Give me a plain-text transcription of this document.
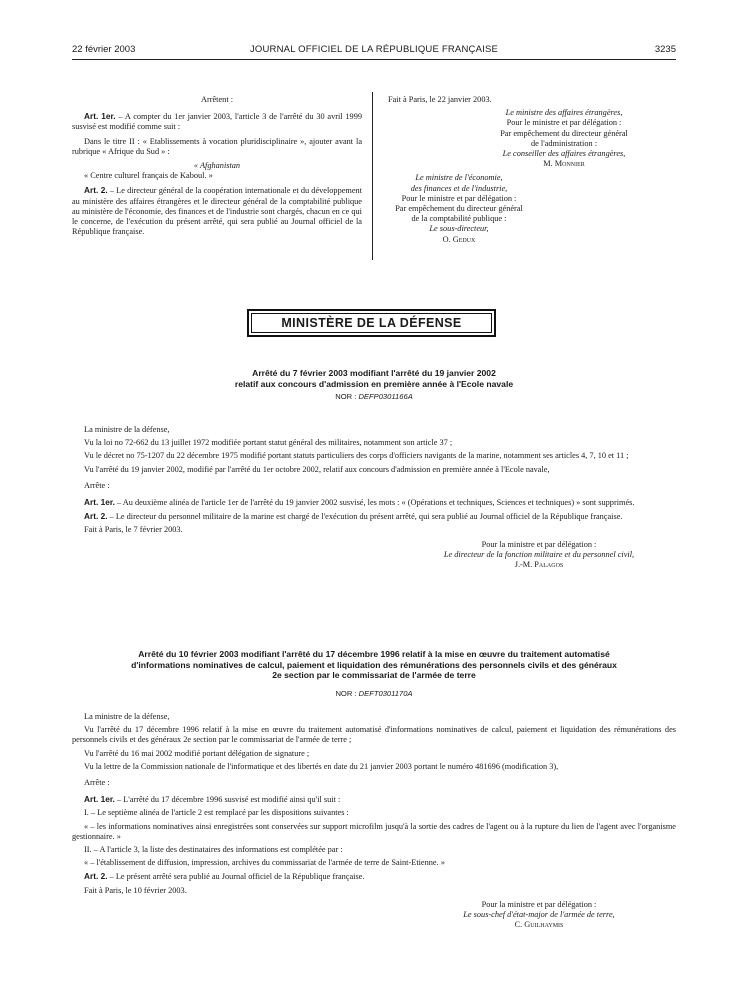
22 février 2003	JOURNAL OFFICIEL DE LA RÉPUBLIQUE FRANÇAISE	3235

Arrêtent :

Art. 1er. – A compter du 1er janvier 2003, l'article 3 de l'arrêté du 30 avril 1999 susvisé est modifié comme suit :

Dans le titre II : « Etablissements à vocation pluridisciplinaire », ajouter avant la rubrique « Afrique du Sud » :

« Afghanistan

« Centre culturel français de Kaboul. »

Art. 2. – Le directeur général de la coopération internationale et du développement au ministère des affaires étrangères et le directeur général de la comptabilité publique au ministère de l'économie, des finances et de l'industrie sont chargés, chacun en ce qui le concerne, de l'exécution du présent arrêté, qui sera publié au Journal officiel de la République française.

Fait à Paris, le 22 janvier 2003.

Le ministre des affaires étrangères,
Pour le ministre et par délégation :
Par empêchement du directeur général
de l'administration :
Le conseiller des affaires étrangères,
M. Monnier
Le ministre de l'économie,
des finances et de l'industrie,
Pour le ministre et par délégation :
Par empêchement du directeur général
de la comptabilité publique :
Le sous-directeur,
O. Gedux
MINISTÈRE DE LA DÉFENSE
Arrêté du 7 février 2003 modifiant l'arrêté du 19 janvier 2002
relatif aux concours d'admission en première année à l'Ecole navale
NOR : DEFP0301166A

La ministre de la défense,

Vu la loi no 72-662 du 13 juillet 1972 modifiée portant statut général des militaires, notamment son article 37 ;

Vu le décret no 75-1207 du 22 décembre 1975 modifié portant statuts particuliers des corps d'officiers navigants de la marine, notamment ses articles 4, 7, 10 et 11 ;

Vu l'arrêté du 19 janvier 2002, modifié par l'arrêté du 1er octobre 2002, relatif aux concours d'admission en première année à l'Ecole navale,

Arrête :

Art. 1er. – Au deuxième alinéa de l'article 1er de l'arrêté du 19 janvier 2002 susvisé, les mots : « (Opérations et techniques, Sciences et techniques) » sont supprimés.

Art. 2. – Le directeur du personnel militaire de la marine est chargé de l'exécution du présent arrêté, qui sera publié au Journal officiel de la République française.

Fait à Paris, le 7 février 2003.

Pour la ministre et par délégation :
Le directeur de la fonction militaire et du personnel civil,
J.-M. Palagos
Arrêté du 10 février 2003 modifiant l'arrêté du 17 décembre 1996 relatif à la mise en œuvre du traitement automatisé
d'informations nominatives de calcul, paiement et liquidation des rémunérations des personnels civils et des généraux
2e section par le commissariat de l'armée de terre
NOR : DEFT0301170A

La ministre de la défense,

Vu l'arrêté du 17 décembre 1996 relatif à la mise en œuvre du traitement automatisé d'informations nominatives de calcul, paiement et liquidation des rémunérations des personnels civils et des généraux 2e section par le commissariat de l'armée de terre ;

Vu l'arrêté du 16 mai 2002 modifié portant délégation de signature ;

Vu la lettre de la Commission nationale de l'informatique et des libertés en date du 21 janvier 2003 portant le numéro 481696 (modification 3),

Arrête :

Art. 1er. – L'arrêté du 17 décembre 1996 susvisé est modifié ainsi qu'il suit :

I. – Le septième alinéa de l'article 2 est remplacé par les dispositions suivantes :

« – les informations nominatives ainsi enregistrées sont conservées sur support microfilm jusqu'à la sortie des cadres de l'agent ou à la rupture du lien de l'agent avec l'organisme gestionnaire. »

II. – A l'article 3, la liste des destinataires des informations est complétée par :

« – l'établissement de diffusion, impression, archives du commissariat de l'armée de terre de Saint-Etienne. »

Art. 2. – Le présent arrêté sera publié au Journal officiel de la République française.

Fait à Paris, le 10 février 2003.

Pour la ministre et par délégation :
Le sous-chef d'état-major de l'armée de terre,
C. Guilhaymis
